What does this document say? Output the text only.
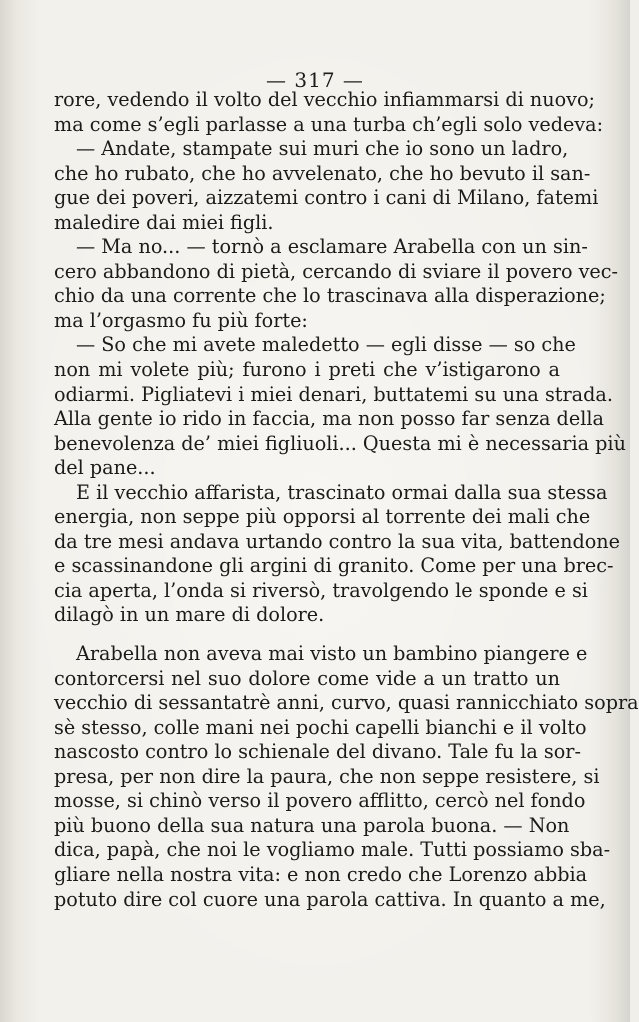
— 317 —
rore, vedendo il volto del vecchio infiammarsi di nuovo;
ma come s’egli parlasse a una turba ch’egli solo vedeva:
— Andate, stampate sui muri che io sono un ladro,
che ho rubato, che ho avvelenato, che ho bevuto il san-
gue dei poveri, aizzatemi contro i cani di Milano, fatemi
maledire dai miei figli.
— Ma no... — tornò a esclamare Arabella con un sin-
cero abbandono di pietà, cercando di sviare il povero vec-
chio da una corrente che lo trascinava alla disperazione;
ma l’orgasmo fu più forte:
— So che mi avete maledetto — egli disse — so che
non mi volete più; furono i preti che v’istigarono a
odiarmi. Pigliatevi i miei denari, buttatemi su una strada.
Alla gente io rido in faccia, ma non posso far senza della
benevolenza de’ miei figliuoli... Questa mi è necessaria più
del pane...
E il vecchio affarista, trascinato ormai dalla sua stessa
energia, non seppe più opporsi al torrente dei mali che
da tre mesi andava urtando contro la sua vita, battendone
e scassinandone gli argini di granito. Come per una brec-
cia aperta, l’onda si riversò, travolgendo le sponde e si
dilagò in un mare di dolore.
Arabella non aveva mai visto un bambino piangere e
contorcersi nel suo dolore come vide a un tratto un
vecchio di sessantatrè anni, curvo, quasi rannicchiato sopra
sè stesso, colle mani nei pochi capelli bianchi e il volto
nascosto contro lo schienale del divano. Tale fu la sor-
presa, per non dire la paura, che non seppe resistere, si
mosse, si chinò verso il povero afflitto, cercò nel fondo
più buono della sua natura una parola buona. — Non
dica, papà, che noi le vogliamo male. Tutti possiamo sba-
gliare nella nostra vita: e non credo che Lorenzo abbia
potuto dire col cuore una parola cattiva. In quanto a me,
